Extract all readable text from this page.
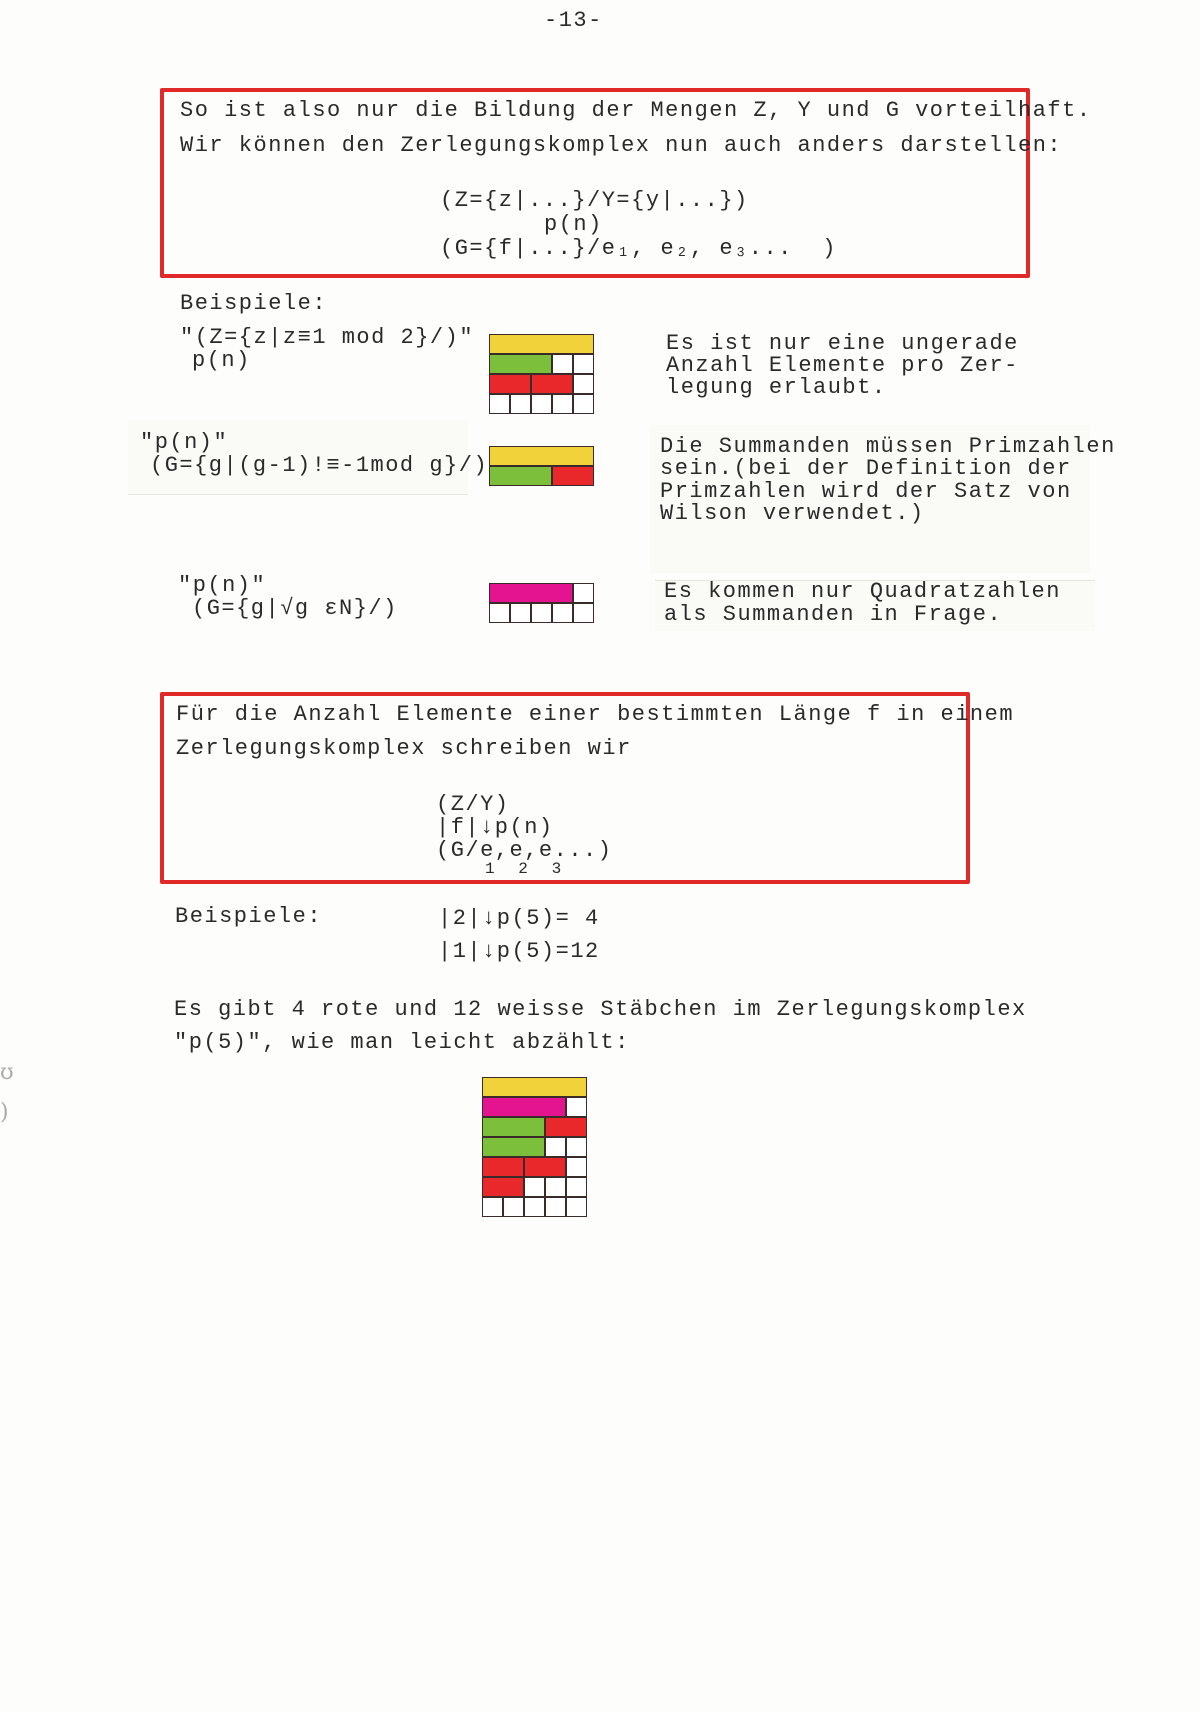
-13-
So ist also nur die Bildung der Mengen Z, Y und G vorteilhaft.
Wir können den Zerlegungskomplex nun auch anders darstellen:
(Z={z|...}/Y={y|...})
p(n)
(G={f|...}/e₁, e₂, e₃...  )
Beispiele:
"(Z={z|z≡1 mod 2}/)"
p(n)
Es ist nur eine ungerade
Anzahl Elemente pro Zer-
legung erlaubt.
"p(n)"
(G={g|(g-1)!≡-1mod g}/)
Die Summanden müssen Primzahlen
sein.(bei der Definition der
Primzahlen wird der Satz von
Wilson verwendet.)
"p(n)"
(G={g|√g εN}/)
Es kommen nur Quadratzahlen
als Summanden in Frage.
Für die Anzahl Elemente einer bestimmten Länge f in einem
Zerlegungskomplex schreiben wir
(Z/Y)
|f|↓p(n)
(G/e,e,e...)
1  2  3
Beispiele:	|2|↓p(5)= 4
|1|↓p(5)=12
Es gibt 4 rote und 12 weisse Stäbchen im Zerlegungskomplex
"p(5)", wie man leicht abzählt:
ʊ
)
